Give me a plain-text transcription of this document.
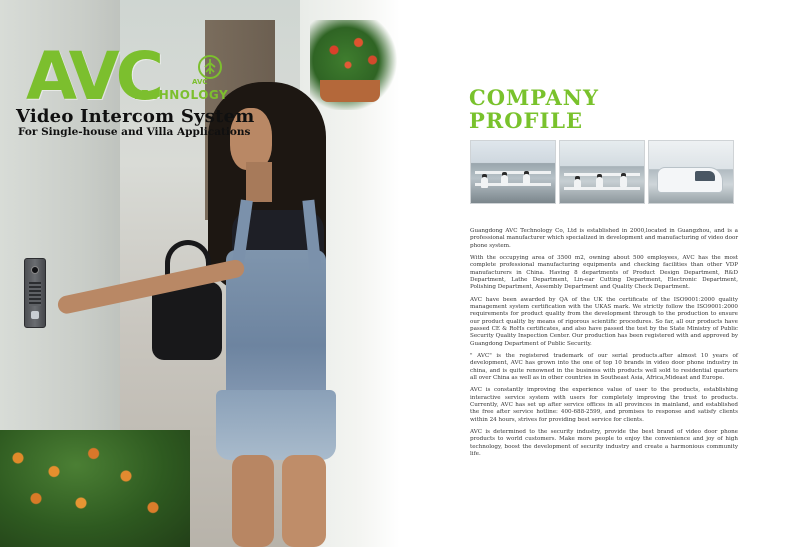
AVC	AVC
TECHNOLOGY
Video Intercom System
For Single-house and Villa Applications
COMPANY
PROFILE

Guangdong AVC Technology Co, Ltd is established in 2000,located in Guangzhou, and is a professional manufacturer which specialized in development and manufacturing of video door phone system.

With the occupying area of 3500 m2, owning about 500 employees, AVC has the most complete professional manufacturing equipments and checking facilities than other VDP manufacturers in China. Having 8 departments of Product Design Department, R&D Department, Lathe Department, Lin-ear Cutting Department, Electronic Department, Polishing Department, Assembly Department and Quality Check Department.

AVC have been awarded by QA of the UK the certificate of the ISO9001:2000 quality management system certification with the UKAS mark. We strictly follow the ISO9001:2000 requirements for product quality from the development through to the production to ensure our product quality by means of rigorous scientific procedures. So far, all our products have passed CE & RoHs certificates, and also have passed the test by the State Ministry of Public Security Quality Inspection Center. Our production has been registered with and approved by Guangdong Department of Public Security.

" AVC" is the registered trademark of our serial products.after almost 10 years of development, AVC has grown into the one of top 10 brands in video door phone industry in china, and is quite renowned in the business with products well sold to residential quarters all over China as well as in other countries in Southeast Asia, Africa,Mideast and Europe.

AVC is constantly improving the experience value of user to the products, establishing interactive service system with users for completely improving the trust to products. Currently, AVC has set up after service offices in all provinces in mainland, and established the free after service hotline: 400-688-2599, and promises to response and satisfy clients within 24 hours, strives for providing best service for clients.

AVC is determined to the security industry, provide the best brand of video door phone products to world customers. Make more people to enjoy the convenience and joy of high technology, boost the development of security industry and create a harmonious community life.
